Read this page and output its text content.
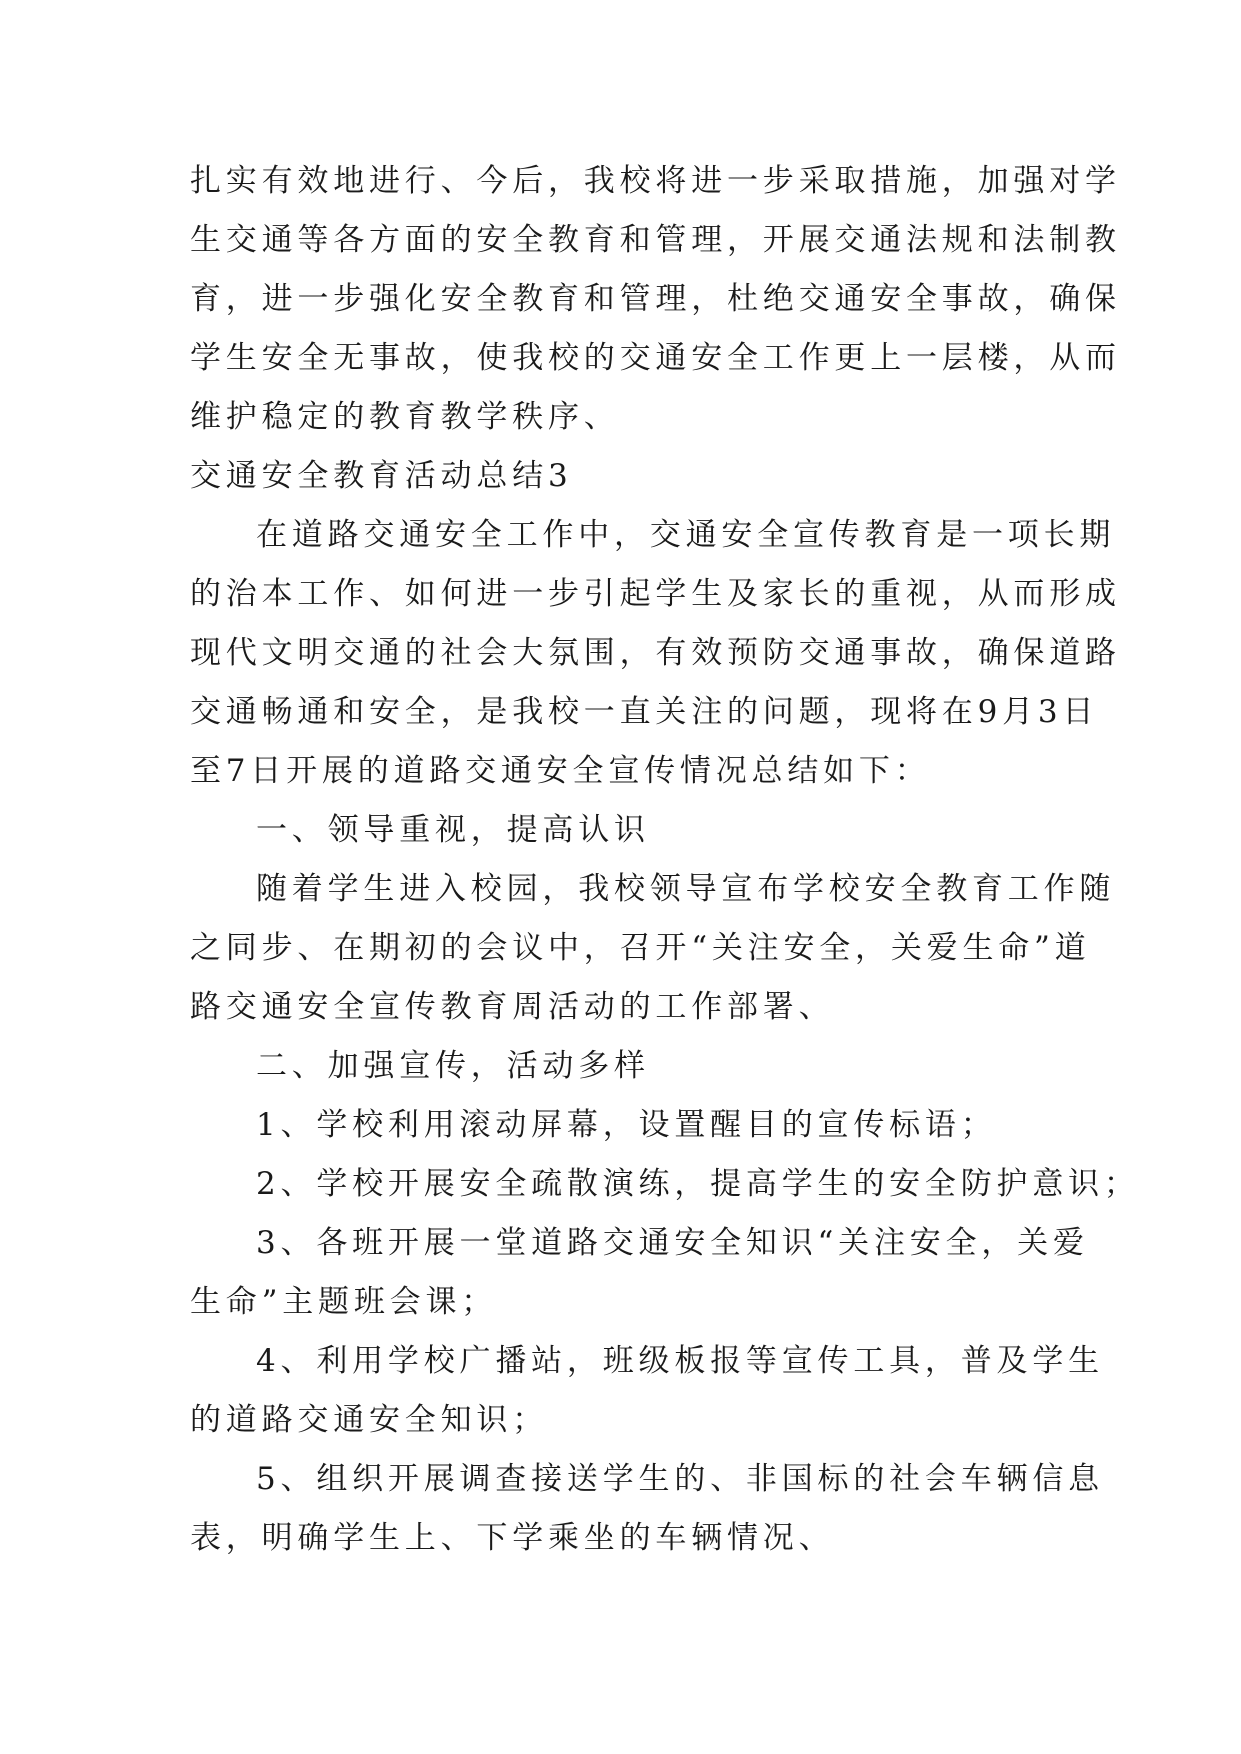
扎实有效地进行、今后，我校将进一步采取措施，加强对学
生交通等各方面的安全教育和管理，开展交通法规和法制教
育，进一步强化安全教育和管理，杜绝交通安全事故，确保
学生安全无事故，使我校的交通安全工作更上一层楼，从而
维护稳定的教育教学秩序、
交通安全教育活动总结3
在道路交通安全工作中，交通安全宣传教育是一项长期
的治本工作、如何进一步引起学生及家长的重视，从而形成
现代文明交通的社会大氛围，有效预防交通事故，确保道路
交通畅通和安全，是我校一直关注的问题，现将在9月3日
至7日开展的道路交通安全宣传情况总结如下：
一、领导重视，提高认识
随着学生进入校园，我校领导宣布学校安全教育工作随
之同步、在期初的会议中，召开“关注安全，关爱生命”道
路交通安全宣传教育周活动的工作部署、
二、加强宣传，活动多样
1、学校利用滚动屏幕，设置醒目的宣传标语；
2、学校开展安全疏散演练，提高学生的安全防护意识；
3、各班开展一堂道路交通安全知识“关注安全，关爱
生命”主题班会课；
4、利用学校广播站，班级板报等宣传工具，普及学生
的道路交通安全知识；
5、组织开展调查接送学生的、非国标的社会车辆信息
表，明确学生上、下学乘坐的车辆情况、
